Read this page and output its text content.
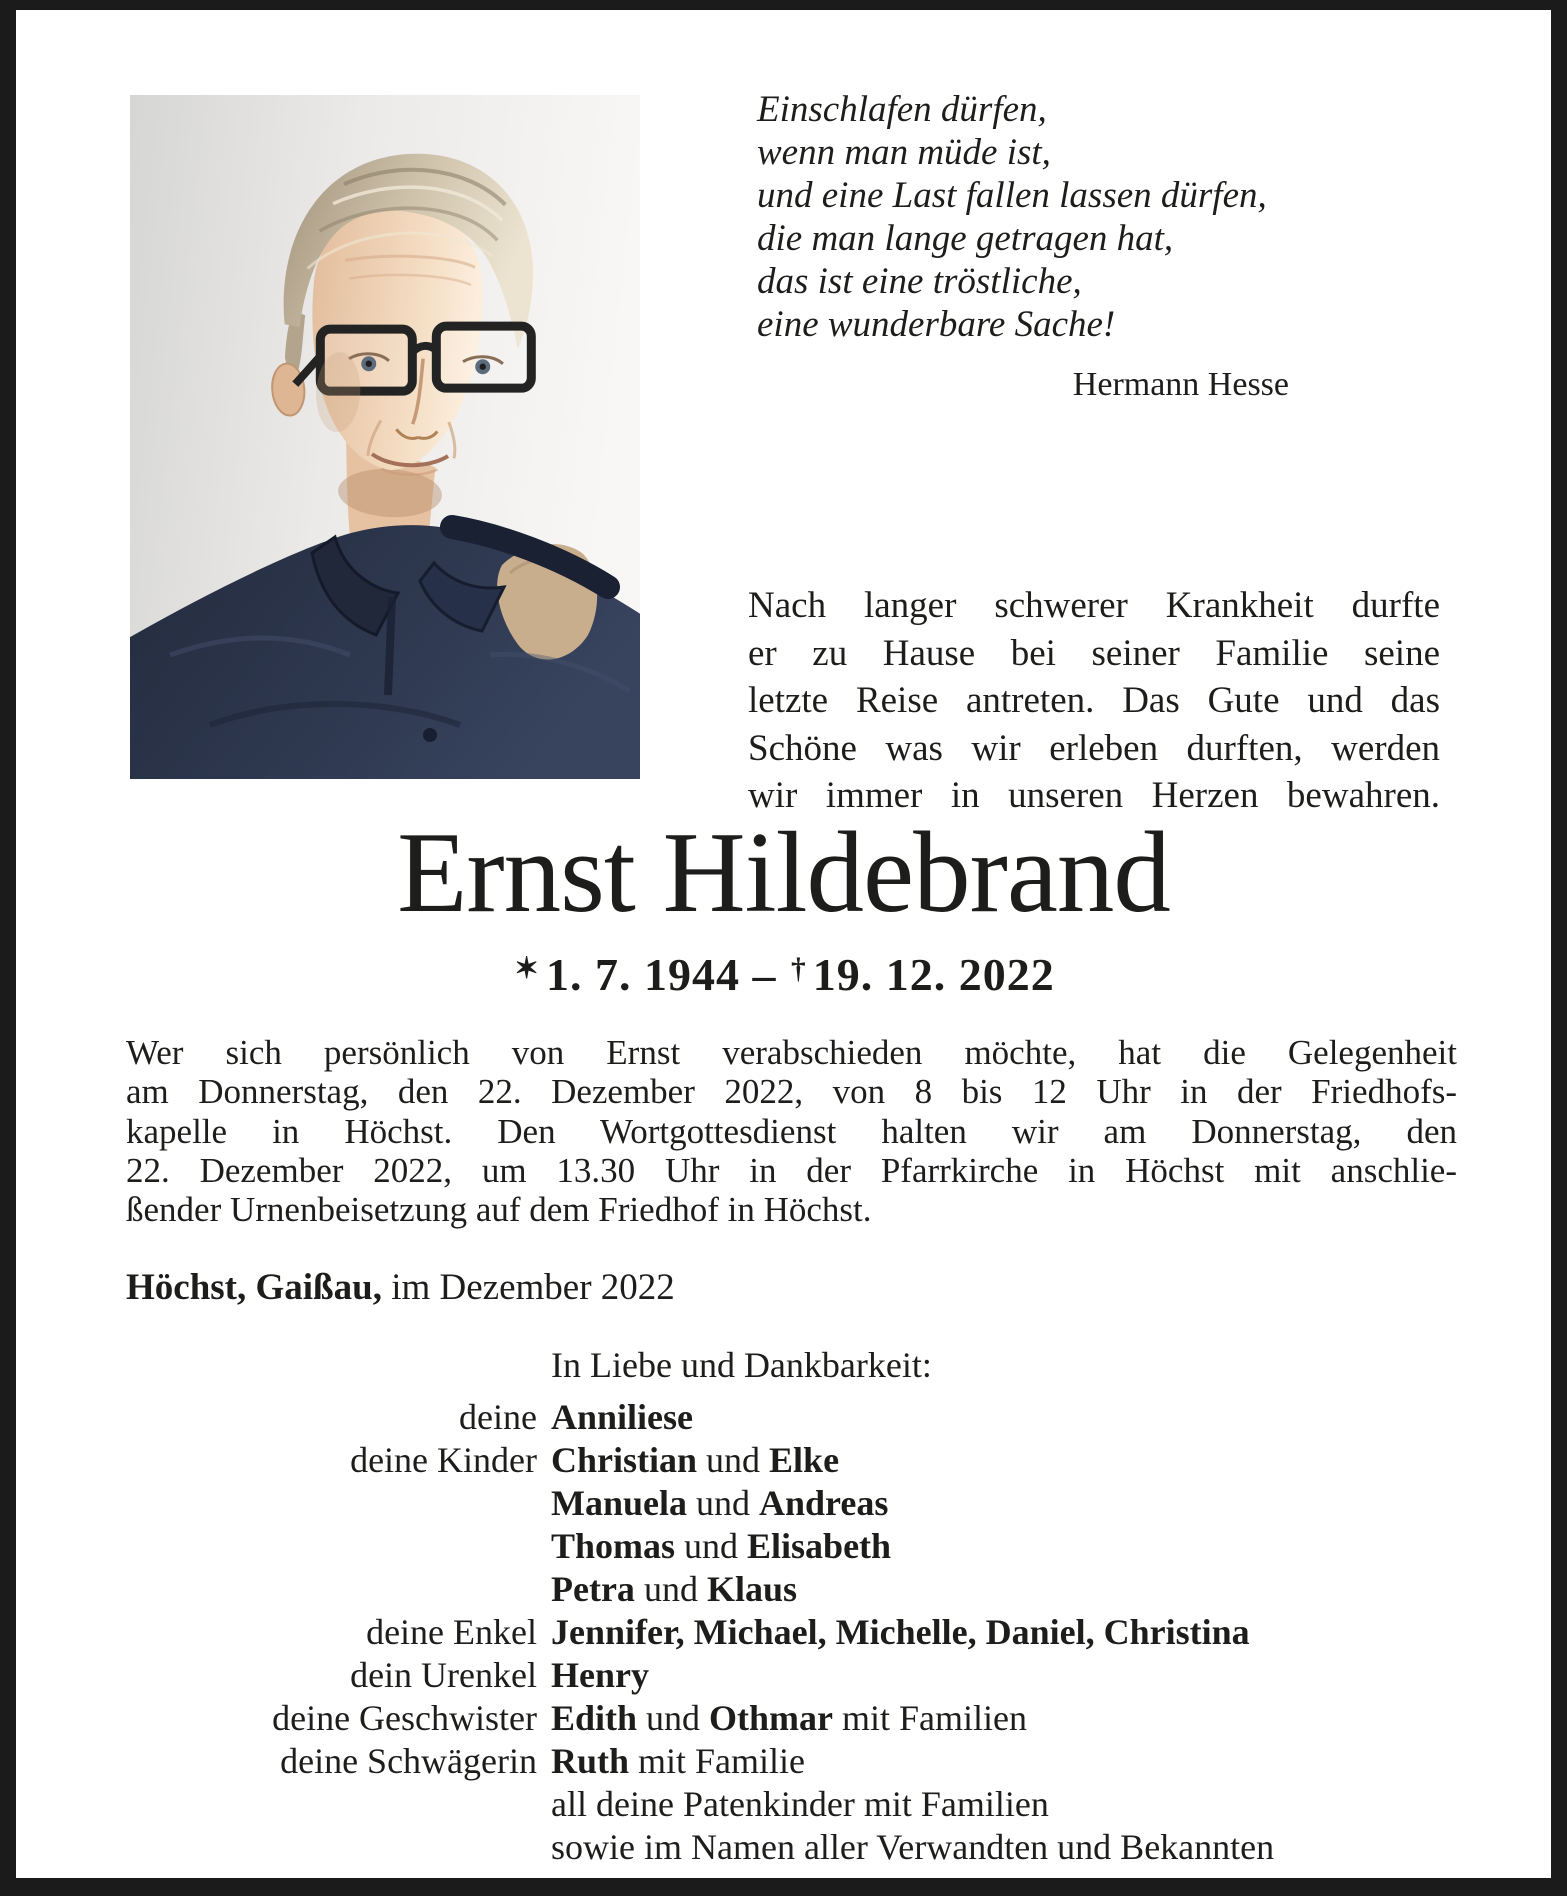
Einschlafen dürfen,
wenn man müde ist,
und eine Last fallen lassen dürfen,
die man lange getragen hat,
das ist eine tröstliche,
eine wunderbare Sache!
Hermann Hesse
Nach langer schwerer Krankheit durfte
er zu Hause bei seiner Familie seine
letzte Reise antreten. Das Gute und das
Schöne was wir erleben durften, werden
wir immer in unseren Herzen bewahren.
Ernst Hildebrand
✶ 1. 7. 1944 – † 19. 12. 2022
Wer sich persönlich von Ernst verabschieden möchte, hat die Gelegenheit
am Donnerstag, den 22. Dezember 2022, von 8 bis 12 Uhr in der Friedhofs-
kapelle in Höchst. Den Wortgottesdienst halten wir am Donnerstag, den
22. Dezember 2022, um 13.30 Uhr in der Pfarrkirche in Höchst mit anschlie-
ßender Urnenbeisetzung auf dem Friedhof in Höchst.
Höchst, Gaißau, im Dezember 2022
In Liebe und Dankbarkeit:
deine Anniliese
deine Kinder Christian und Elke
Manuela und Andreas
Thomas und Elisabeth
Petra und Klaus
deine Enkel Jennifer, Michael, Michelle, Daniel, Christina
dein Urenkel Henry
deine Geschwister Edith und Othmar mit Familien
deine Schwägerin Ruth mit Familie
all deine Patenkinder mit Familien
sowie im Namen aller Verwandten und Bekannten
